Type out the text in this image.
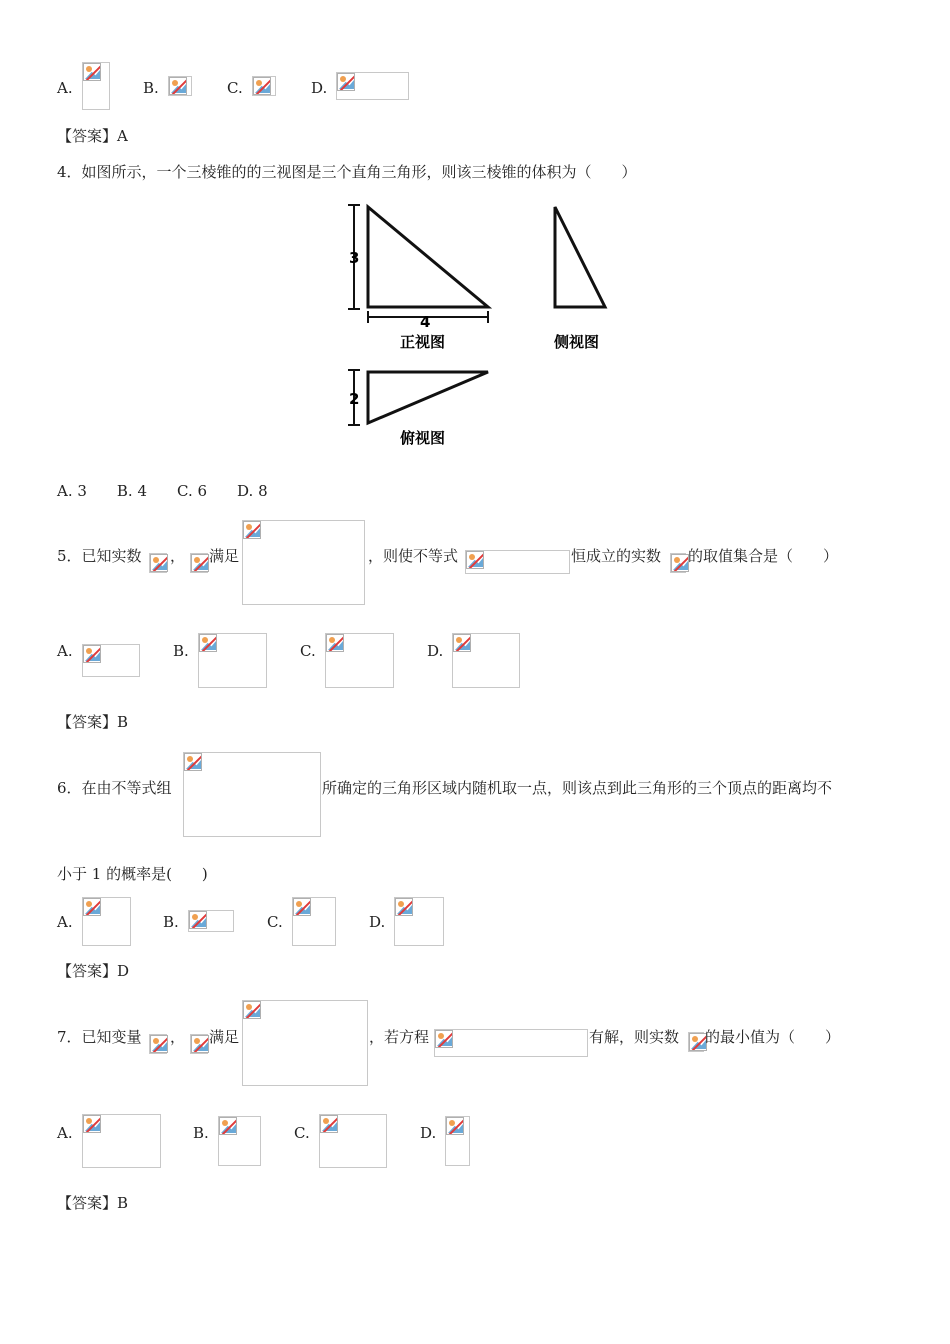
A.	B.	C.	D.
【答案】A
4．如图所示，一个三棱锥的的三视图是三个直角三角形，则该三棱锥的体积为（　　）
3
4
正视图	侧视图
2
俯视图
A. 3　　B. 4　　C. 6　　D. 8
5．已知实数 ， 满足	，则使不等式	恒成立的实数 的取值集合是（　　）
A.	B.	C.	D.
【答案】B
6．在由不等式组	所确定的三角形区域内随机取一点，则该点到此三角形的三个顶点的距离均不
小于 1 的概率是(　　)
A.	B.	C.	D.
【答案】D
7．已知变量 ， 满足	，若方程	有解，则实数 的最小值为（　　）
A.	B.	C.	D.
【答案】B
